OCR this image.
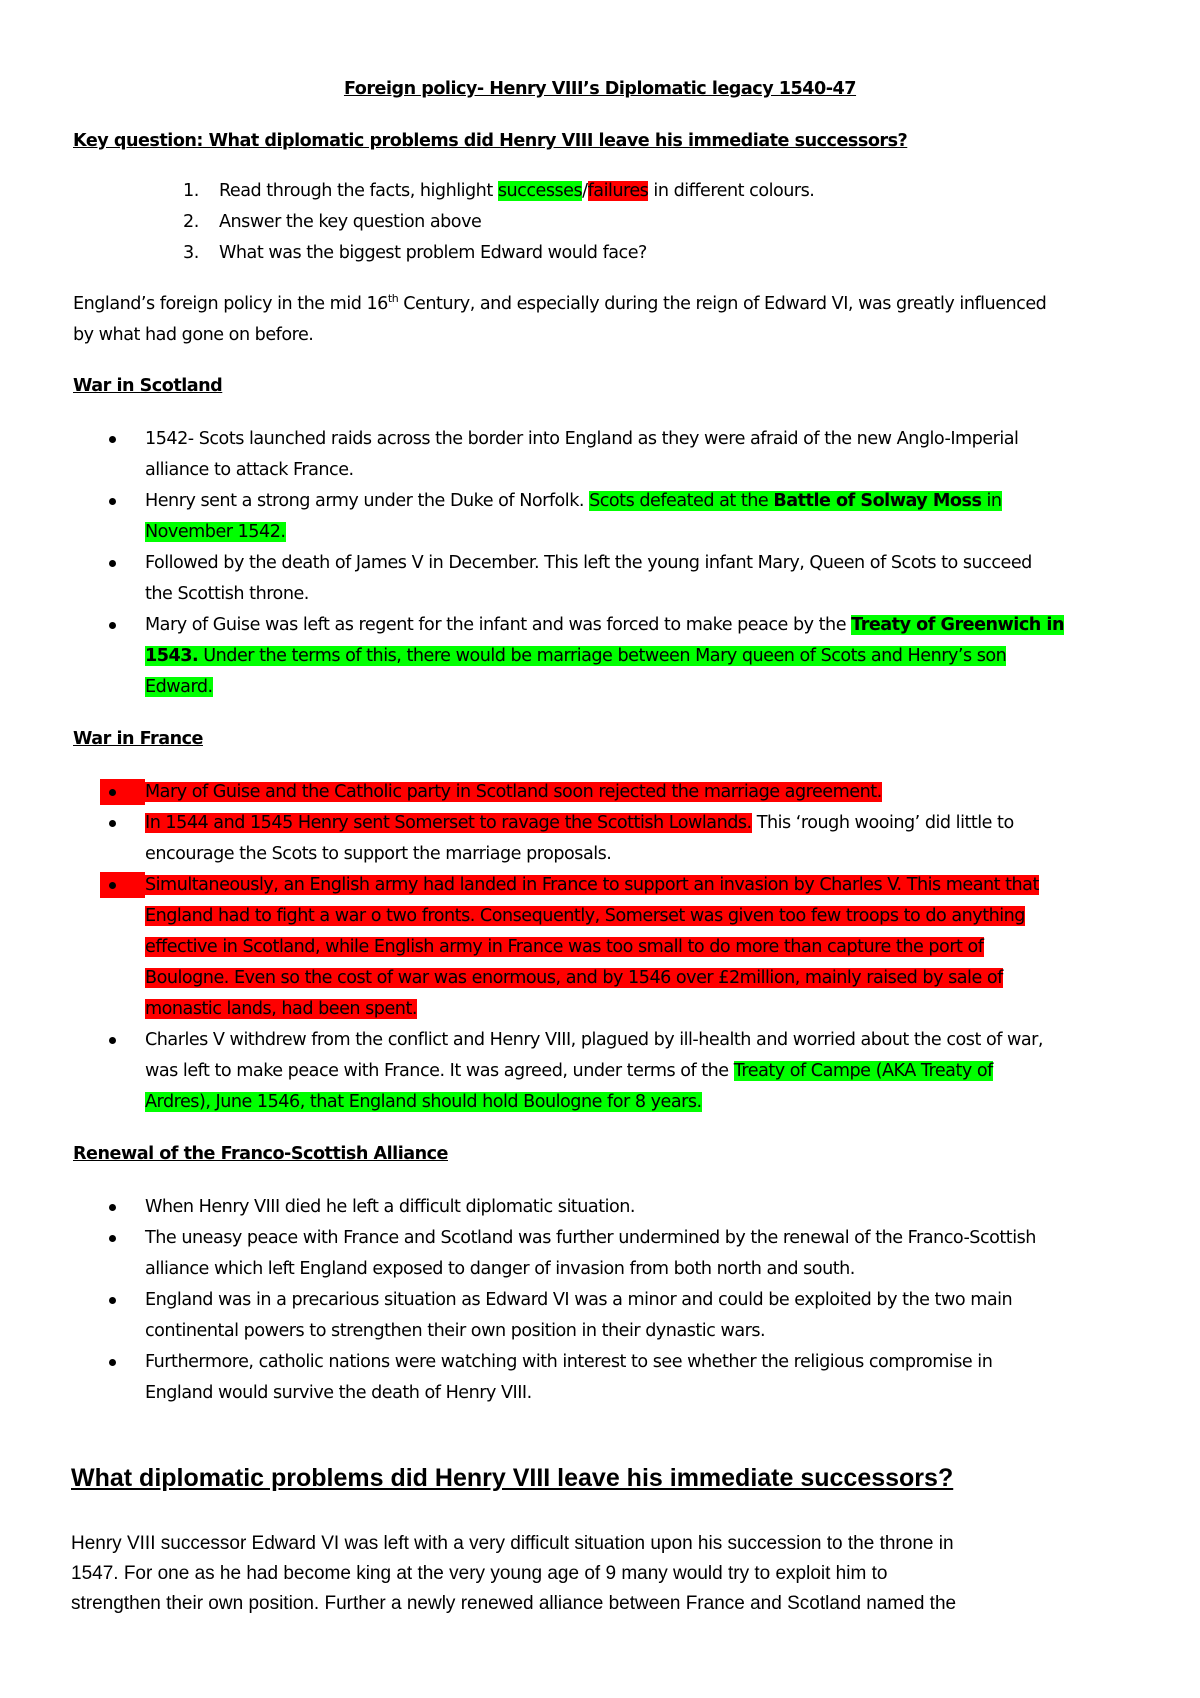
Foreign policy- Henry VIII’s Diplomatic legacy 1540-47
Key question: What diplomatic problems did Henry VIII leave his immediate successors?
1. Read through the facts, highlight successes/failures in different colours.
2. Answer the key question above
3. What was the biggest problem Edward would face?
England’s foreign policy in the mid 16th Century, and especially during the reign of Edward VI, was greatly influenced
by what had gone on before.
War in Scotland
1542- Scots launched raids across the border into England as they were afraid of the new Anglo-Imperial
alliance to attack France.
Henry sent a strong army under the Duke of Norfolk. Scots defeated at the Battle of Solway Moss in
November 1542.
Followed by the death of James V in December. This left the young infant Mary, Queen of Scots to succeed
the Scottish throne.
Mary of Guise was left as regent for the infant and was forced to make peace by the Treaty of Greenwich in
1543. Under the terms of this, there would be marriage between Mary queen of Scots and Henry’s son
Edward.
War in France
Mary of Guise and the Catholic party in Scotland soon rejected the marriage agreement.
In 1544 and 1545 Henry sent Somerset to ravage the Scottish Lowlands. This ‘rough wooing’ did little to
encourage the Scots to support the marriage proposals.
Simultaneously, an English army had landed in France to support an invasion by Charles V. This meant that
England had to fight a war o two fronts. Consequently, Somerset was given too few troops to do anything
effective in Scotland, while English army in France was too small to do more than capture the port of
Boulogne. Even so the cost of war was enormous, and by 1546 over £2million, mainly raised by sale of
monastic lands, had been spent.
Charles V withdrew from the conflict and Henry VIII, plagued by ill-health and worried about the cost of war,
was left to make peace with France. It was agreed, under terms of the Treaty of Campe (AKA Treaty of
Ardres), June 1546, that England should hold Boulogne for 8 years.
Renewal of the Franco-Scottish Alliance
When Henry VIII died he left a difficult diplomatic situation.
The uneasy peace with France and Scotland was further undermined by the renewal of the Franco-Scottish
alliance which left England exposed to danger of invasion from both north and south.
England was in a precarious situation as Edward VI was a minor and could be exploited by the two main
continental powers to strengthen their own position in their dynastic wars.
Furthermore, catholic nations were watching with interest to see whether the religious compromise in
England would survive the death of Henry VIII.
What diplomatic problems did Henry VIII leave his immediate successors?
Henry VIII successor Edward VI was left with a very difficult situation upon his succession to the throne in
1547. For one as he had become king at the very young age of 9 many would try to exploit him to
strengthen their own position. Further a newly renewed alliance between France and Scotland named the
